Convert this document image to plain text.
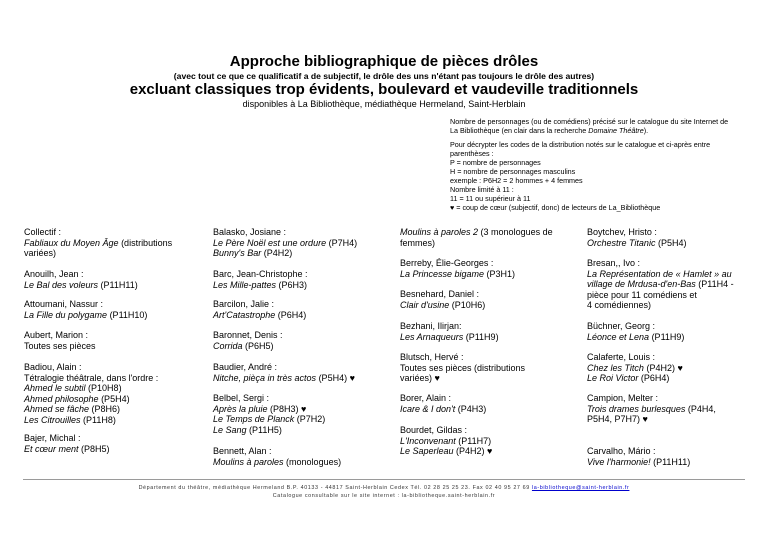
Approche bibliographique de pièces drôles
(avec tout ce que ce qualificatif a de subjectif, le drôle des uns n'étant pas toujours le drôle des autres)
excluant classiques trop évidents, boulevard et vaudeville traditionnels
disponibles à La Bibliothèque, médiathèque Hermeland, Saint-Herblain

Nombre de personnages (ou de comédiens) précisé sur le catalogue du site Internet de
La Bibliothèque (en clair dans la recherche Domaine Théâtre).

Pour décrypter les codes de la distribution notés sur le catalogue et ci-après entre
parenthèses :
P = nombre de personnages
H = nombre de personnages masculins
exemple : P6H2 = 2 hommes + 4 femmes
Nombre limité à 11 :
11 = 11 ou supérieur à 11

♥ = coup de cœur (subjectif, donc) de lecteurs de La_Bibliothèque
Collectif :
Fabliaux du Moyen Âge (distributions
variées)
Anouilh, Jean :
Le Bal des voleurs (P11H11)
Attoumani, Nassur :
La Fille du polygame (P11H10)
Aubert, Marion :
Toutes ses pièces
Badiou, Alain :
Tétralogie théâtrale, dans l'ordre :
Ahmed le subtil (P10H8)
Ahmed philosophe (P5H4)
Ahmed se fâche (P8H6)
Les Citrouilles (P11H8)
Bajer, Michal :
Et cœur ment (P8H5)
Balasko, Josiane :
Le Père Noël est une ordure (P7H4)
Bunny's Bar (P4H2)
Barc, Jean-Christophe :
Les Mille-pattes (P6H3)
Barcilon, Jalie :
Art'Catastrophe (P6H4)
Baronnet, Denis :
Corrida (P6H5)
Baudier, André :
Nitche, pièça in très actos (P5H4) ♥
Belbel, Sergi :
Après la pluie (P8H3) ♥
Le Temps de Planck (P7H2)
Le Sang (P11H5)
Bennett, Alan :
Moulins à paroles (monologues)
Moulins à paroles 2 (3 monologues de
femmes)
Berreby, Élie-Georges :
La Princesse bigame (P3H1)
Besnehard, Daniel :
Clair d'usine (P10H6)
Bezhani, Ilirjan:
Les Arnaqueurs (P11H9)
Blutsch, Hervé :
Toutes ses pièces (distributions
variées) ♥
Borer, Alain :
Icare & I don't (P4H3)
Bourdet, Gildas :
L'Inconvenant (P11H7)
Le Saperleau (P4H2) ♥
Boytchev, Hristo :
Orchestre Titanic (P5H4)
Bresan,, Ivo :
La Représentation de « Hamlet » au
village de Mrdusa-d'en-Bas (P11H4 -
pièce pour 11 comédiens et
4 comédiennes)
Büchner, Georg :
Léonce et Lena (P11H9)
Calaferte, Louis :
Chez les Titch (P4H2) ♥
Le Roi Victor (P6H4)
Campion, Melter :
Trois drames burlesques (P4H4,
P5H4, P7H7) ♥
Carvalho, Mário :
Vive l'harmonie! (P11H11)
Département du théâtre, médiathèque Hermeland B.P. 40133 - 44817 Saint-Herblain Cedex Tél. 02 28 25 25 23. Fax 02 40 95 27 69 la-bibliotheque@saint-herblain.fr
Catalogue consultable sur le site internet : la-bibliotheque.saint-herblain.fr
